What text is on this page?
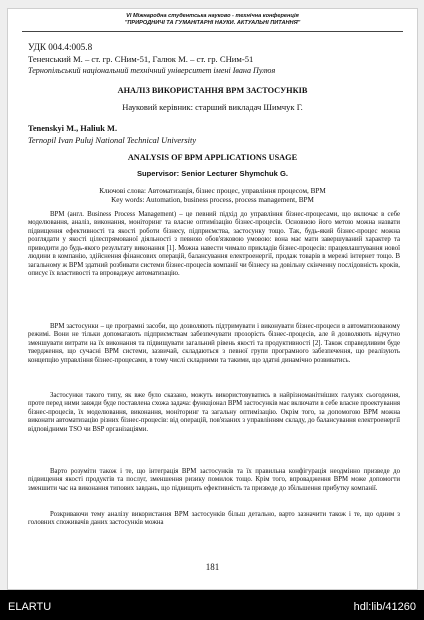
VI Міжнародна студентська науково - технічна конференція
"ПРИРОДНИЧІ ТА ГУМАНІТАРНІ НАУКИ. АКТУАЛЬНІ ПИТАННЯ"
УДК 004.4:005.8
Тененський М. – ст. гр. СНим-51, Галюк М. – ст. гр. СНим-51
Тернопільський національний технічний університет імені Івана Пулюя
АНАЛІЗ ВИКОРИСТАННЯ BPM ЗАСТОСУНКІВ
Науковий керівник: старший викладач Шимчук Г.
Tenenskyi M., Haliuk M.
Ternopil Ivan Puluj National Technical University
ANALYSIS OF BPM APPLICATIONS USAGE
Supervisor: Senior Lecturer Shymchuk G.
Ключові слова: Автоматизація, бізнес процес, управління процесом, BPM
Key words: Automation, business process, process management, BPM

BPM (англ. Business Process Management) – це певний підхід до управління бізнес-процесами, що включає в себе моделювання, аналіз, виконання, моніторинг та власне оптимізацію бізнес-процесів. Основною його метою можна назвати підвищення ефективності та якості роботи бізнесу, підприємства, застосунку тощо. Так, будь-який бізнес-процес можна розглядати у якості цілеспрямованої діяльності з певною обов'язковою умовою: вона має мати завершуваний характер та приводити до будь-якого результату виконання [1]. Можна навести чимало прикладів бізнес-процесів: працевлаштування нової людини в компанію, здійснення фінансових операцій, балансування електроенергії, продаж товарів в мережі інтернет тощо. В загальному ж BPM здатний розбивати системи бізнес-процесів компанії чи бізнесу на довільну скінченну послідовність кроків, описує їх властивості та впроваджує автоматизацію.

BPM застосунки – це програмні засоби, що дозволяють підтримувати і виконувати бізнес-процеси в автоматизованому режимі. Вони не тільки допомагають підприємствам забезпечувати прозорість бізнес-процесів, але й дозволяють відчутно зменшувати витрати на їх виконання та підвищувати загальний рівень якості та продуктивності [2]. Також справедливим буде твердження, що сучасні BPM системи, зазвичай, складаються з певної групи програмного забезпечення, що реалізують концепцію управління бізнес-процесами, в тому числі складними та такими, що здатні динамічно розвиватись.

Застосунки такого типу, як вже було сказано, можуть використовуватись в найрізноманітніших галузях сьогодення, проте перед ними завжди буде поставлена схожа задача: функціонал BPM застосунків має включати в себе власне проектування бізнес-процесів, їх моделювання, виконання, моніторинг та загальну оптимізацію. Окрім того, за допомогою BPM можна виконати автоматизацію різних бізнес-процесів: від операцій, пов'язаних з управлінням складу, до балансування електроенергії відповідними TSO чи BSP організаціями.

Варто розуміти також і те, що інтеграція BPM застосунків та їх правильна конфігурація неодмінно призведе до підвищення якості продуктів та послуг, зменшення ризику помилок тощо. Крім того, впровадження BPM може допомогти зменшити час на виконання типових завдань, що підвищить ефективність та призведе до збільшення прибутку компанії.

Розкриваючи тему аналізу використання BPM застосунків більш детально, варто зазначити також і те, що одним з головних споживачів даних застосунків можна

181
ELARTU	hdl:lib/41260
